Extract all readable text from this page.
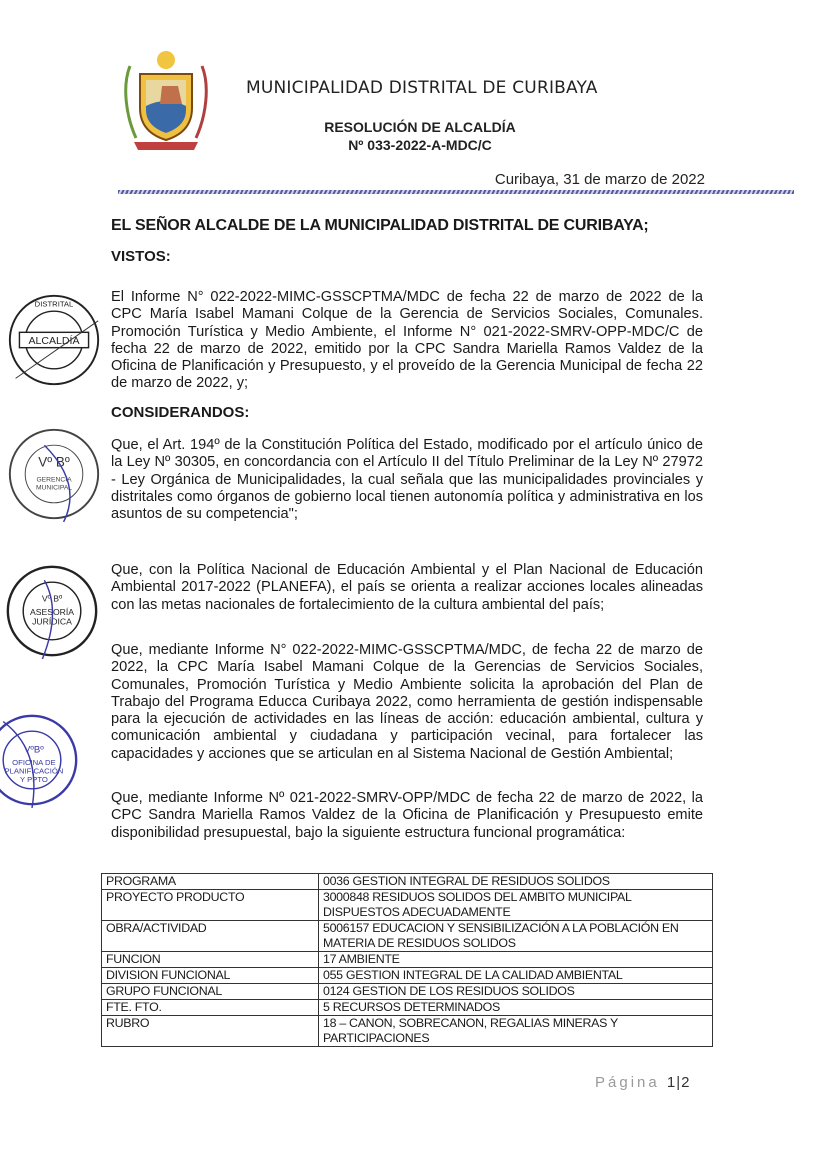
MUNICIPALIDAD DISTRITAL DE CURIBAYA
RESOLUCIÓN DE ALCALDÍA
Nº 033-2022-A-MDC/C
Curibaya, 31 de marzo de 2022
EL SEÑOR ALCALDE DE LA MUNICIPALIDAD DISTRITAL DE CURIBAYA;
VISTOS:
El Informe N° 022-2022-MIMC-GSSCPTMA/MDC de fecha 22 de marzo de 2022 de la CPC María Isabel Mamani Colque de la Gerencia de Servicios Sociales, Comunales. Promoción Turística y Medio Ambiente, el Informe N° 021-2022-SMRV-OPP-MDC/C de fecha 22 de marzo de 2022, emitido por la CPC Sandra Mariella Ramos Valdez de la Oficina de Planificación y Presupuesto, y el proveído de la Gerencia Municipal de fecha 22 de marzo de 2022, y;
CONSIDERANDOS:
Que, el Art. 194º de la Constitución Política del Estado, modificado por el artículo único de la Ley Nº 30305, en concordancia con el Artículo II del Título Preliminar de la Ley Nº 27972 - Ley Orgánica de Municipalidades, la cual señala que las municipalidades provinciales y distritales como órganos de gobierno local tienen autonomía política y administrativa en los asuntos de su competencia";
Que, con la Política Nacional de Educación Ambiental y el Plan Nacional de Educación Ambiental 2017-2022 (PLANEFA), el país se orienta a realizar acciones locales alineadas con las metas nacionales de fortalecimiento de la cultura ambiental del país;
Que, mediante Informe N° 022-2022-MIMC-GSSCPTMA/MDC, de fecha 22 de marzo de 2022, la CPC María Isabel Mamani Colque de la Gerencias de Servicios Sociales, Comunales, Promoción Turística y Medio Ambiente solicita la aprobación del Plan de Trabajo del Programa Educca Curibaya 2022, como herramienta de gestión indispensable para la ejecución de actividades en las líneas de acción: educación ambiental, cultura y comunicación ambiental y ciudadana y participación vecinal, para fortalecer las capacidades y acciones que se articulan en al Sistema Nacional de Gestión Ambiental;
Que, mediante Informe Nº 021-2022-SMRV-OPP/MDC de fecha 22 de marzo de 2022, la CPC Sandra Mariella Ramos Valdez de la Oficina de Planificación y Presupuesto emite disponibilidad presupuestal, bajo la siguiente estructura funcional programática:
PROGRAMA	0036 GESTION INTEGRAL DE RESIDUOS SOLIDOS
PROYECTO PRODUCTO	3000848 RESIDUOS SOLIDOS DEL AMBITO MUNICIPAL DISPUESTOS ADECUADAMENTE
OBRA/ACTIVIDAD	5006157 EDUCACION Y SENSIBILIZACIÓN A LA POBLACIÓN EN MATERIA DE RESIDUOS SOLIDOS
FUNCION	17 AMBIENTE
DIVISION FUNCIONAL	055 GESTION INTEGRAL DE LA CALIDAD AMBIENTAL
GRUPO FUNCIONAL	0124 GESTION DE LOS RESIDUOS SOLIDOS
FTE. FTO.	5 RECURSOS DETERMINADOS
RUBRO	18 – CANON, SOBRECANON, REGALIAS MINERAS Y PARTICIPACIONES
ALCALDÍA
DISTRITAL
Vº Bº
GERENCIA
MUNICIPAL
Vº Bº
ASESORÍA
JURÍDICA
VºBº
OFICINA DE
PLANIFICACIÓN
Y PPTO
Página 1|2
